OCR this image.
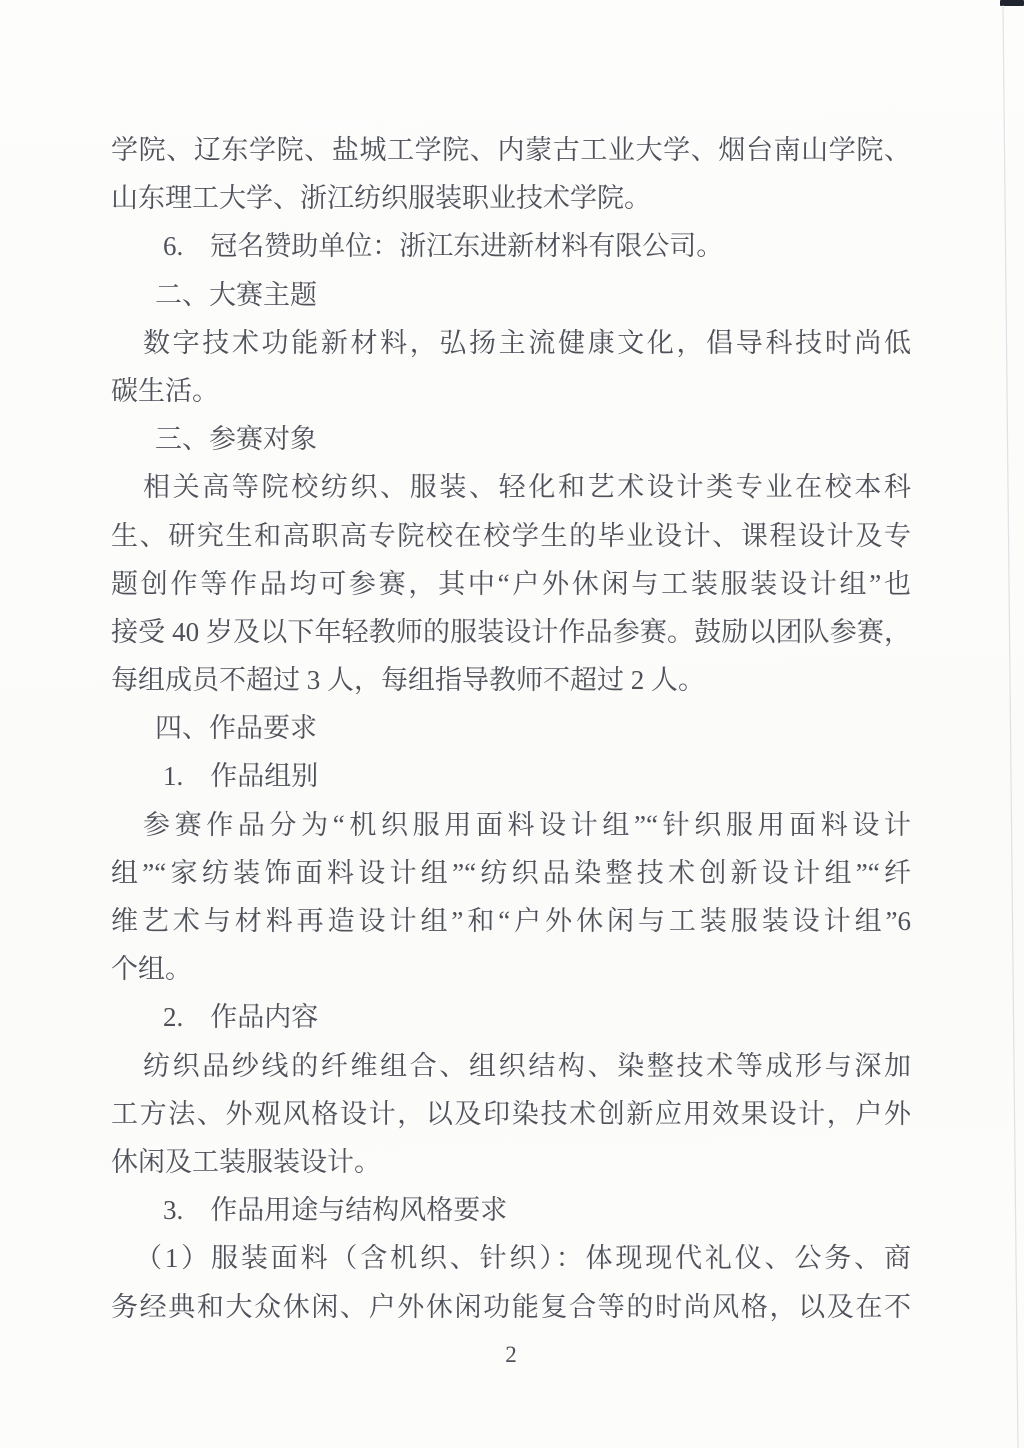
学院、辽东学院、盐城工学院、内蒙古工业大学、烟台南山学院、
山东理工大学、浙江纺织服装职业技术学院。
6.　冠名赞助单位：浙江东进新材料有限公司。
二、大赛主题
数字技术功能新材料，弘扬主流健康文化，倡导科技时尚低
碳生活。
三、参赛对象
相关高等院校纺织、服装、轻化和艺术设计类专业在校本科
生、研究生和高职高专院校在校学生的毕业设计、课程设计及专
题创作等作品均可参赛，其中“户外休闲与工装服装设计组”也
接受 40 岁及以下年轻教师的服装设计作品参赛。鼓励以团队参赛，
每组成员不超过 3 人，每组指导教师不超过 2 人。
四、作品要求
1.　作品组别
参赛作品分为“机织服用面料设计组”“针织服用面料设计
组”“家纺装饰面料设计组”“纺织品染整技术创新设计组”“纤
维艺术与材料再造设计组”和“户外休闲与工装服装设计组”6
个组。
2.　作品内容
纺织品纱线的纤维组合、组织结构、染整技术等成形与深加
工方法、外观风格设计，以及印染技术创新应用效果设计，户外
休闲及工装服装设计。
3.　作品用途与结构风格要求
（1）服装面料（含机织、针织）：体现现代礼仪、公务、商
务经典和大众休闲、户外休闲功能复合等的时尚风格，以及在不
2
